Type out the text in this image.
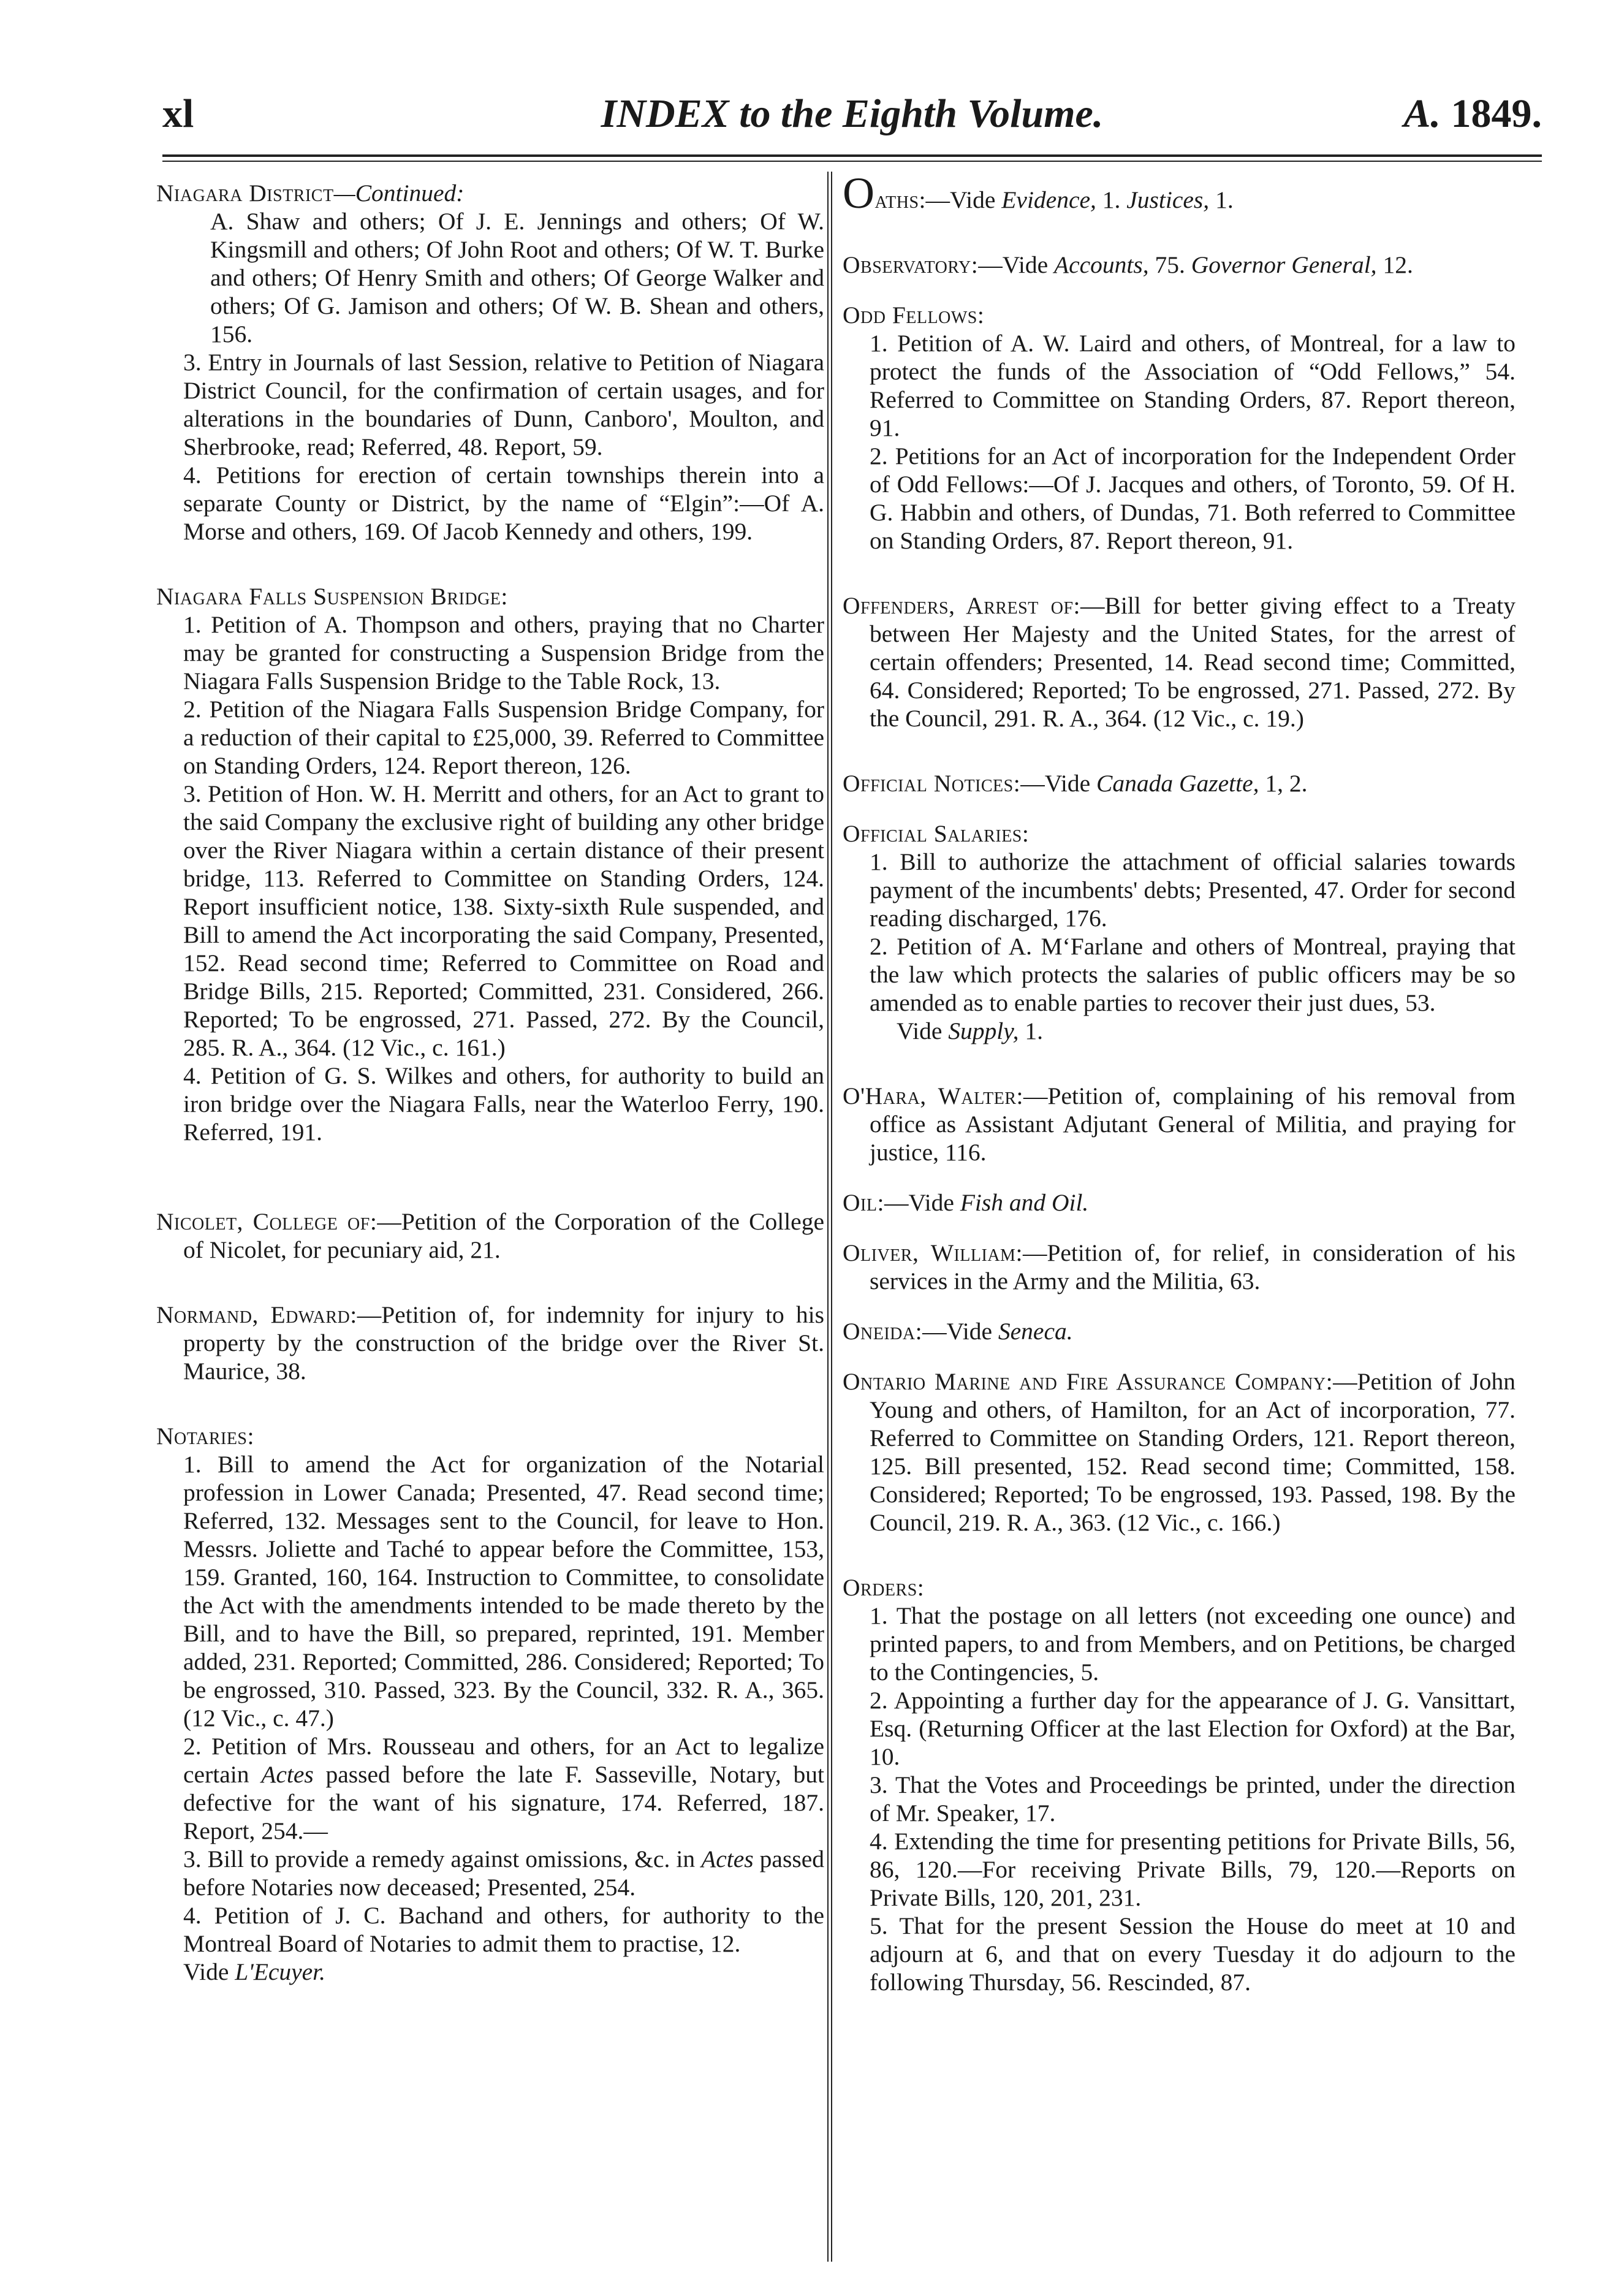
xl	INDEX to the Eighth Volume.	A. 1849.
Niagara District—Continued:

A. Shaw and others; Of J. E. Jennings and others; Of W. Kingsmill and others; Of John Root and others; Of W. T. Burke and others; Of Henry Smith and others; Of George Walker and others; Of G. Jamison and others; Of W. B. Shean and others, 156.

3. Entry in Journals of last Session, relative to Petition of Niagara District Council, for the confirmation of certain usages, and for alterations in the boundaries of Dunn, Canboro', Moulton, and Sherbrooke, read; Referred, 48. Report, 59.

4. Petitions for erection of certain townships therein into a separate County or District, by the name of “Elgin”:—Of A. Morse and others, 169. Of Jacob Kennedy and others, 199.

Niagara Falls Suspension Bridge:

1. Petition of A. Thompson and others, praying that no Charter may be granted for constructing a Suspension Bridge from the Niagara Falls Suspension Bridge to the Table Rock, 13.

2. Petition of the Niagara Falls Suspension Bridge Company, for a reduction of their capital to £25,000, 39. Referred to Committee on Standing Orders, 124. Report thereon, 126.

3. Petition of Hon. W. H. Merritt and others, for an Act to grant to the said Company the exclusive right of building any other bridge over the River Niagara within a certain distance of their present bridge, 113. Referred to Committee on Standing Orders, 124. Report insufficient notice, 138. Sixty-sixth Rule suspended, and Bill to amend the Act incorporating the said Company, Presented, 152. Read second time; Referred to Committee on Road and Bridge Bills, 215. Reported; Committed, 231. Considered, 266. Reported; To be engrossed, 271. Passed, 272. By the Council, 285. R. A., 364. (12 Vic., c. 161.)

4. Petition of G. S. Wilkes and others, for authority to build an iron bridge over the Niagara Falls, near the Waterloo Ferry, 190. Referred, 191.

Nicolet, College of:—Petition of the Corporation of the College of Nicolet, for pecuniary aid, 21.

Normand, Edward:—Petition of, for indemnity for injury to his property by the construction of the bridge over the River St. Maurice, 38.

Notaries:

1. Bill to amend the Act for organization of the Notarial profession in Lower Canada; Presented, 47. Read second time; Referred, 132. Messages sent to the Council, for leave to Hon. Messrs. Joliette and Taché to appear before the Committee, 153, 159. Granted, 160, 164. Instruction to Committee, to consolidate the Act with the amendments intended to be made thereto by the Bill, and to have the Bill, so prepared, reprinted, 191. Member added, 231. Reported; Committed, 286. Considered; Reported; To be engrossed, 310. Passed, 323. By the Council, 332. R. A., 365. (12 Vic., c. 47.)

2. Petition of Mrs. Rousseau and others, for an Act to legalize certain Actes passed before the late F. Sasseville, Notary, but defective for the want of his signature, 174. Referred, 187. Report, 254.—

3. Bill to provide a remedy against omissions, &c. in Actes passed before Notaries now deceased; Presented, 254.

4. Petition of J. C. Bachand and others, for authority to the Montreal Board of Notaries to admit them to practise, 12.

Vide L'Ecuyer.

Oaths:—Vide Evidence, 1. Justices, 1.

Observatory:—Vide Accounts, 75. Governor General, 12.

Odd Fellows:

1. Petition of A. W. Laird and others, of Montreal, for a law to protect the funds of the Association of “Odd Fellows,” 54. Referred to Committee on Standing Orders, 87. Report thereon, 91.

2. Petitions for an Act of incorporation for the Independent Order of Odd Fellows:—Of J. Jacques and others, of Toronto, 59. Of H. G. Habbin and others, of Dundas, 71. Both referred to Committee on Standing Orders, 87. Report thereon, 91.

Offenders, Arrest of:—Bill for better giving effect to a Treaty between Her Majesty and the United States, for the arrest of certain offenders; Presented, 14. Read second time; Committed, 64. Considered; Reported; To be engrossed, 271. Passed, 272. By the Council, 291. R. A., 364. (12 Vic., c. 19.)

Official Notices:—Vide Canada Gazette, 1, 2.

Official Salaries:

1. Bill to authorize the attachment of official salaries towards payment of the incumbents' debts; Presented, 47. Order for second reading discharged, 176.

2. Petition of A. M‘Farlane and others of Montreal, praying that the law which protects the salaries of public officers may be so amended as to enable parties to recover their just dues, 53.

Vide Supply, 1.

O'Hara, Walter:—Petition of, complaining of his removal from office as Assistant Adjutant General of Militia, and praying for justice, 116.

Oil:—Vide Fish and Oil.

Oliver, William:—Petition of, for relief, in consideration of his services in the Army and the Militia, 63.

Oneida:—Vide Seneca.

Ontario Marine and Fire Assurance Company:—Petition of John Young and others, of Hamilton, for an Act of incorporation, 77. Referred to Committee on Standing Orders, 121. Report thereon, 125. Bill presented, 152. Read second time; Committed, 158. Considered; Reported; To be engrossed, 193. Passed, 198. By the Council, 219. R. A., 363. (12 Vic., c. 166.)

Orders:

1. That the postage on all letters (not exceeding one ounce) and printed papers, to and from Members, and on Petitions, be charged to the Contingencies, 5.

2. Appointing a further day for the appearance of J. G. Vansittart, Esq. (Returning Officer at the last Election for Oxford) at the Bar, 10.

3. That the Votes and Proceedings be printed, under the direction of Mr. Speaker, 17.

4. Extending the time for presenting petitions for Private Bills, 56, 86, 120.—For receiving Private Bills, 79, 120.—Reports on Private Bills, 120, 201, 231.

5. That for the present Session the House do meet at 10 and adjourn at 6, and that on every Tuesday it do adjourn to the following Thursday, 56. Rescinded, 87.
